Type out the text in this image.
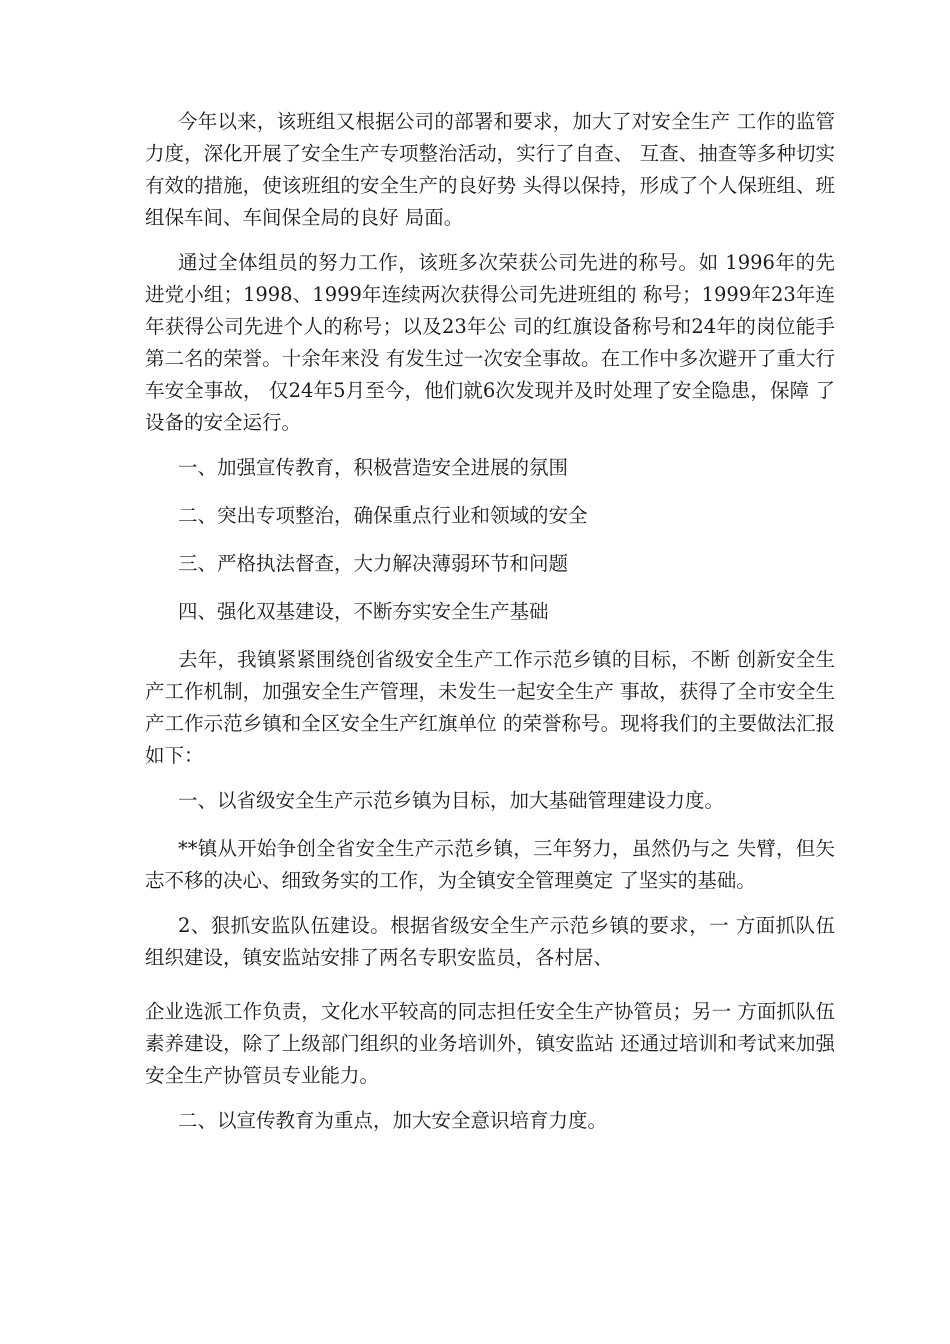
今年以来，该班组又根据公司的部署和要求，加大了对安全生产 工作的监管力度，深化开展了安全生产专项整治活动，实行了自查、 互查、抽查等多种切实有效的措施，使该班组的安全生产的良好势 头得以保持，形成了个人保班组、班组保车间、车间保全局的良好 局面。

通过全体组员的努力工作，该班多次荣获公司先进的称号。如 1996年的先进党小组；1998、1999年连续两次获得公司先进班组的 称号；1999年23年连年获得公司先进个人的称号；以及23年公 司的红旗设备称号和24年的岗位能手第二名的荣誉。十余年来没 有发生过一次安全事故。在工作中多次避开了重大行车安全事故， 仅24年5月至今，他们就6次发现并及时处理了安全隐患，保障 了设备的安全运行。

一、加强宣传教育，积极营造安全进展的氛围

二、突出专项整治，确保重点行业和领域的安全

三、严格执法督查，大力解决薄弱环节和问题

四、强化双基建设，不断夯实安全生产基础

去年，我镇紧紧围绕创省级安全生产工作示范乡镇的目标，不断 创新安全生产工作机制，加强安全生产管理，未发生一起安全生产 事故，获得了全市安全生产工作示范乡镇和全区安全生产红旗单位 的荣誉称号。现将我们的主要做法汇报如下：

一、以省级安全生产示范乡镇为目标，加大基础管理建设力度。

**镇从开始争创全省安全生产示范乡镇，三年努力，虽然仍与之 失臂，但矢志不移的决心、细致务实的工作，为全镇安全管理奠定 了坚实的基础。

2、狠抓安监队伍建设。根据省级安全生产示范乡镇的要求，一 方面抓队伍组织建设，镇安监站安排了两名专职安监员，各村居、

企业选派工作负责，文化水平较高的同志担任安全生产协管员；另一 方面抓队伍素养建设，除了上级部门组织的业务培训外，镇安监站 还通过培训和考试来加强安全生产协管员专业能力。

二、以宣传教育为重点，加大安全意识培育力度。
